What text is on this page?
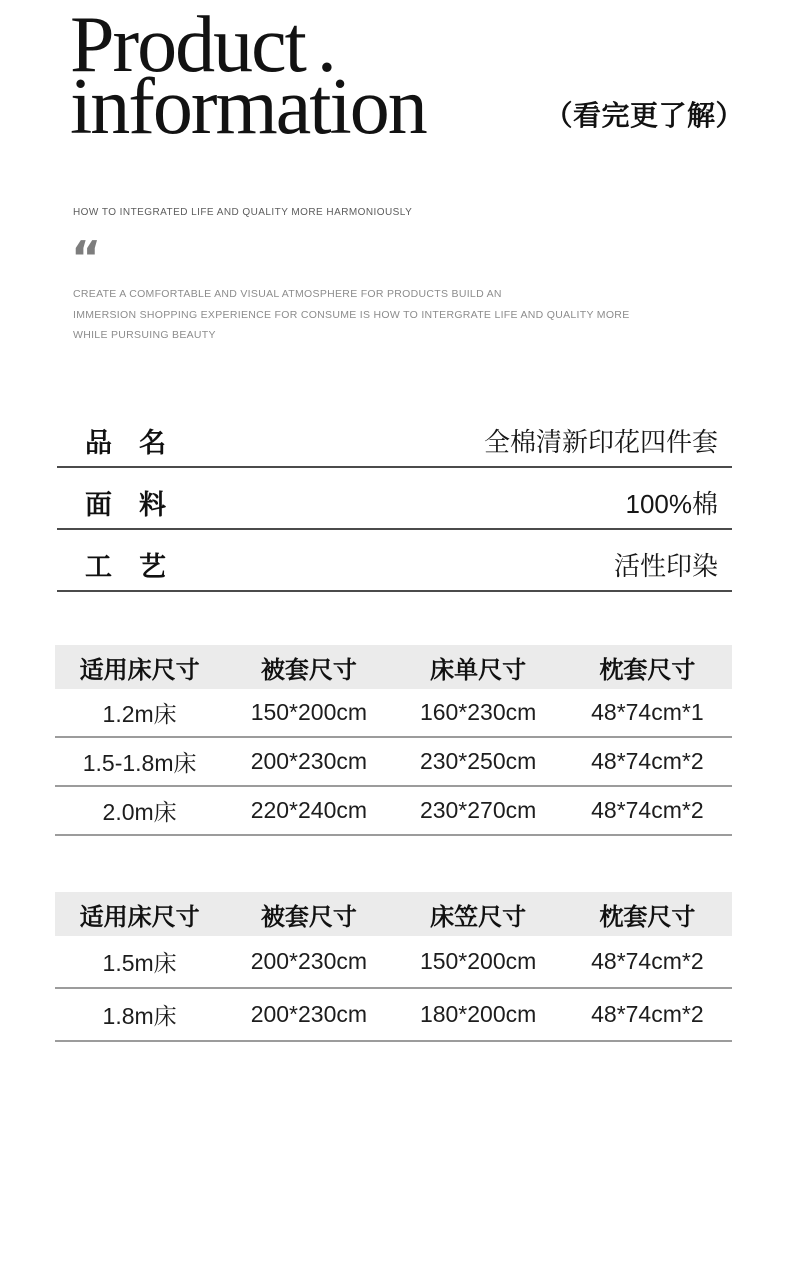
Product .
information	（看完更了解）
HOW TO INTEGRATED LIFE AND QUALITY MORE HARMONIOUSLY
“

CREATE A COMFORTABLE AND VISUAL ATMOSPHERE FOR PRODUCTS BUILD AN

IMMERSION SHOPPING EXPERIENCE FOR CONSUME IS HOW TO INTERGRATE LIFE AND QUALITY MORE

WHILE PURSUING BEAUTY

品　名	全棉清新印花四件套
面　料	100%棉
工　艺	活性印染
适用床尺寸	被套尺寸	床单尺寸	枕套尺寸
1.2m床	150*200cm	160*230cm	48*74cm*1
1.5-1.8m床	200*230cm	230*250cm	48*74cm*2
2.0m床	220*240cm	230*270cm	48*74cm*2
适用床尺寸	被套尺寸	床笠尺寸	枕套尺寸
1.5m床	200*230cm	150*200cm	48*74cm*2
1.8m床	200*230cm	180*200cm	48*74cm*2
